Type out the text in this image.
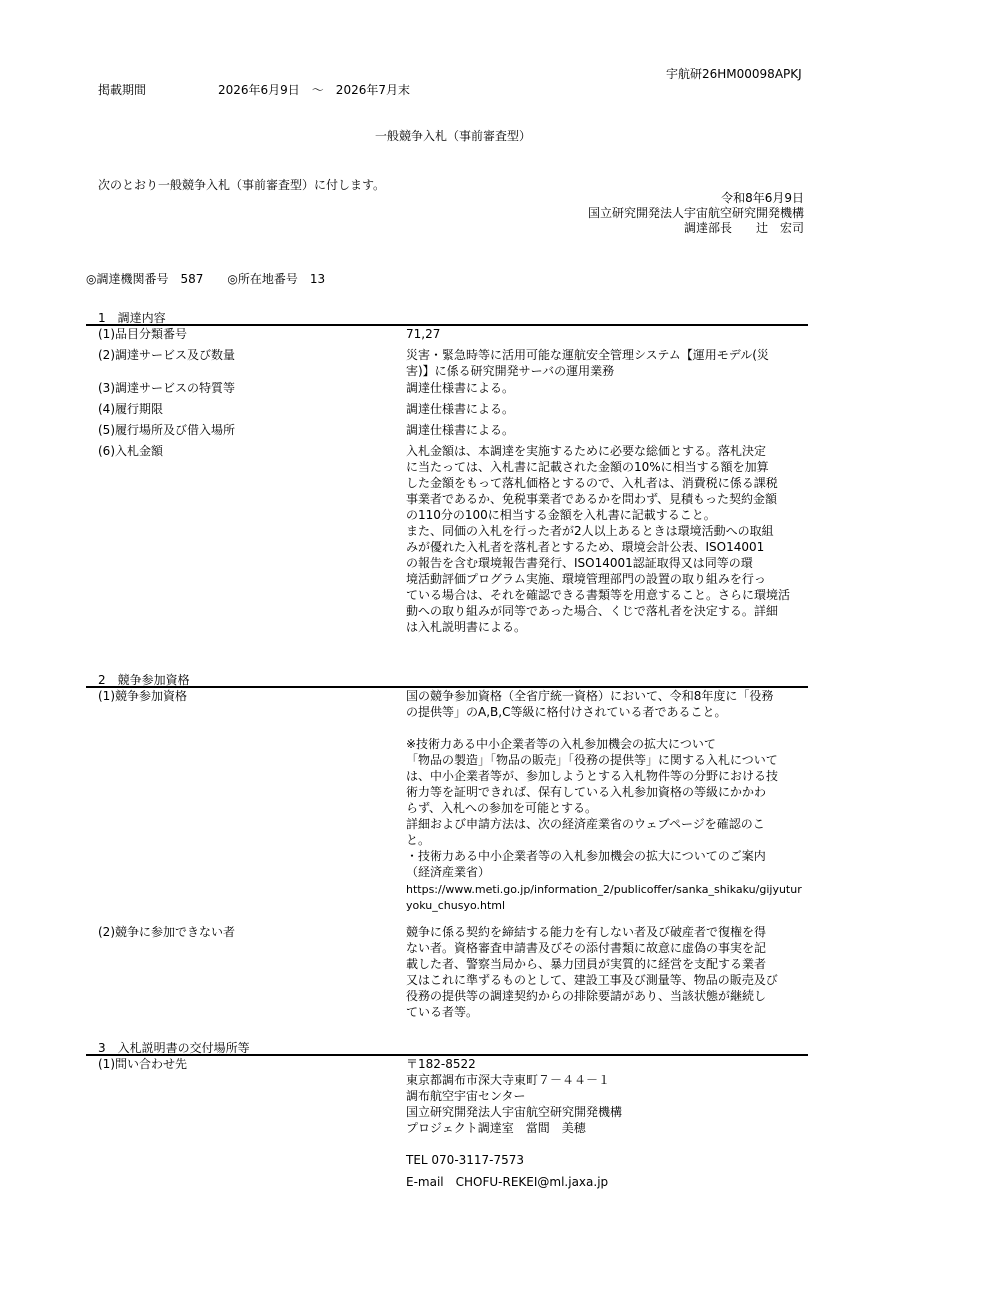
宇航研26HM00098APKJ
掲載期間	2026年6月9日　～　2026年7月末
一般競争入札（事前審査型）
次のとおり一般競争入札（事前審査型）に付します。
令和8年6月9日
国立研究開発法人宇宙航空研究開発機構
調達部長　　辻　宏司
◎調達機関番号　587　　◎所在地番号　13
1　調達内容
(1)品目分類番号	71,27

(2)調達サービス及び数量	災害・緊急時等に活用可能な運航安全管理システム【運用モデル(災

害)】に係る研究開発サーバの運用業務

(3)調達サービスの特質等	調達仕様書による。

(4)履行期限	調達仕様書による。

(5)履行場所及び借入場所	調達仕様書による。

(6)入札金額	入札金額は、本調達を実施するために必要な総価とする。落札決定

に当たっては、入札書に記載された金額の10%に相当する額を加算

した金額をもって落札価格とするので、入札者は、消費税に係る課税

事業者であるか、免税事業者であるかを問わず、見積もった契約金額

の110分の100に相当する金額を入札書に記載すること。

また、同価の入札を行った者が2人以上あるときは環境活動への取組

みが優れた入札者を落札者とするため、環境会計公表、ISO14001

の報告を含む環境報告書発行、ISO14001認証取得又は同等の環

境活動評価プログラム実施、環境管理部門の設置の取り組みを行っ

ている場合は、それを確認できる書類等を用意すること。さらに環境活

動への取り組みが同等であった場合、くじで落札者を決定する。詳細

は入札説明書による。

2　競争参加資格
(1)競争参加資格	国の競争参加資格（全省庁統一資格）において、令和8年度に「役務

の提供等」のA,B,C等級に格付けされている者であること。

※技術力ある中小企業者等の入札参加機会の拡大について

「物品の製造」「物品の販売」「役務の提供等」に関する入札について

は、中小企業者等が、参加しようとする入札物件等の分野における技

術力等を証明できれば、保有している入札参加資格の等級にかかわ

らず、入札への参加を可能とする。

詳細および申請方法は、次の経済産業省のウェブページを確認のこ

と。

・技術力ある中小企業者等の入札参加機会の拡大についてのご案内

（経済産業省）

https://www.meti.go.jp/information_2/publicoffer/sanka_shikaku/gijyuturyoku_chusyo.html

(2)競争に参加できない者	競争に係る契約を締結する能力を有しない者及び破産者で復権を得

ない者。資格審査申請書及びその添付書類に故意に虚偽の事実を記

載した者、警察当局から、暴力団員が実質的に経営を支配する業者

又はこれに準ずるものとして、建設工事及び測量等、物品の販売及び

役務の提供等の調達契約からの排除要請があり、当該状態が継続し

ている者等。

3　入札説明書の交付場所等
(1)問い合わせ先	〒182-8522

東京都調布市深大寺東町７－４４－１

調布航空宇宙センター

国立研究開発法人宇宙航空研究開発機構

プロジェクト調達室　當間　美穂

TEL 070-3117-7573

E-mail　CHOFU-REKEI@ml.jaxa.jp
